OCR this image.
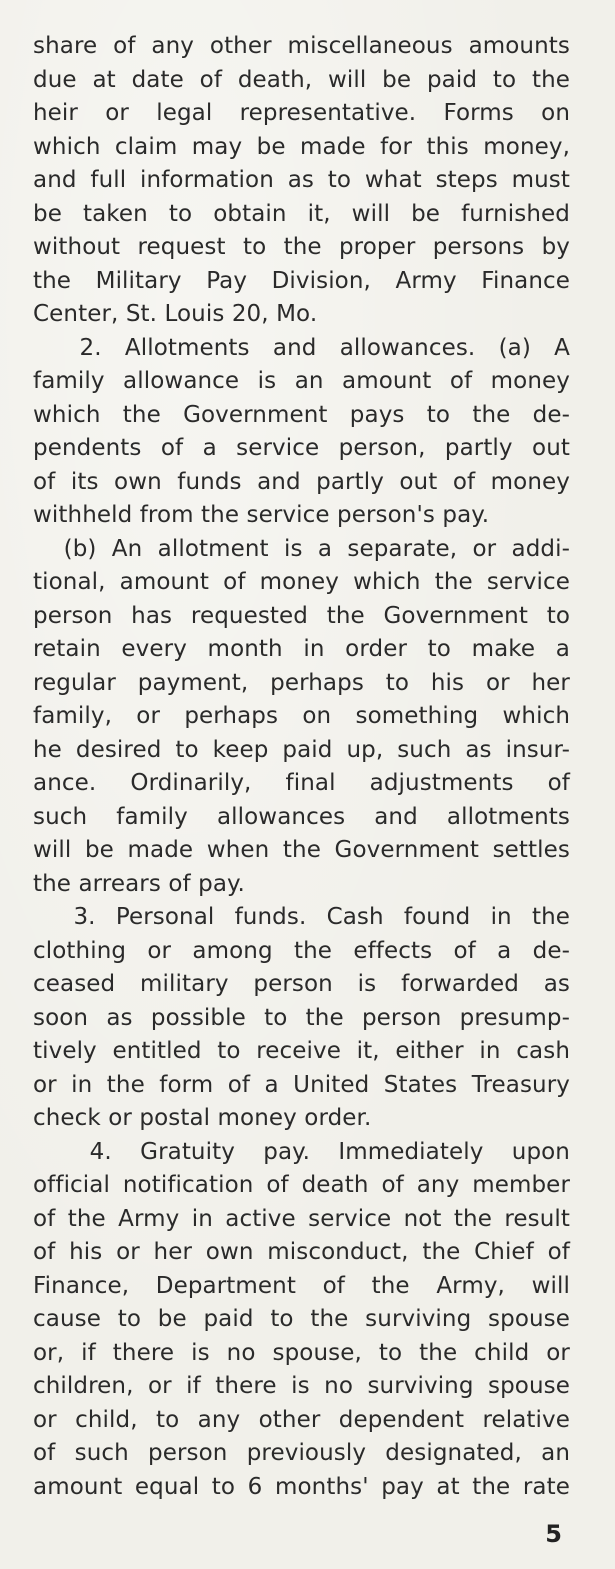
share of any other miscellaneous amounts
due at date of death, will be paid to the
heir or legal representative. Forms on
which claim may be made for this money,
and full information as to what steps must
be taken to obtain it, will be furnished
without request to the proper persons by
the Military Pay Division, Army Finance
Center, St. Louis 20, Mo.
2. Allotments and allowances. (a) A
family allowance is an amount of money
which the Government pays to the de-
pendents of a service person, partly out
of its own funds and partly out of money
withheld from the service person's pay.
(b) An allotment is a separate, or addi-
tional, amount of money which the service
person has requested the Government to
retain every month in order to make a
regular payment, perhaps to his or her
family, or perhaps on something which
he desired to keep paid up, such as insur-
ance. Ordinarily, final adjustments of
such family allowances and allotments
will be made when the Government settles
the arrears of pay.
3. Personal funds. Cash found in the
clothing or among the effects of a de-
ceased military person is forwarded as
soon as possible to the person presump-
tively entitled to receive it, either in cash
or in the form of a United States Treasury
check or postal money order.
4. Gratuity pay. Immediately upon
official notification of death of any member
of the Army in active service not the result
of his or her own misconduct, the Chief of
Finance, Department of the Army, will
cause to be paid to the surviving spouse
or, if there is no spouse, to the child or
children, or if there is no surviving spouse
or child, to any other dependent relative
of such person previously designated, an
amount equal to 6 months' pay at the rate
5
